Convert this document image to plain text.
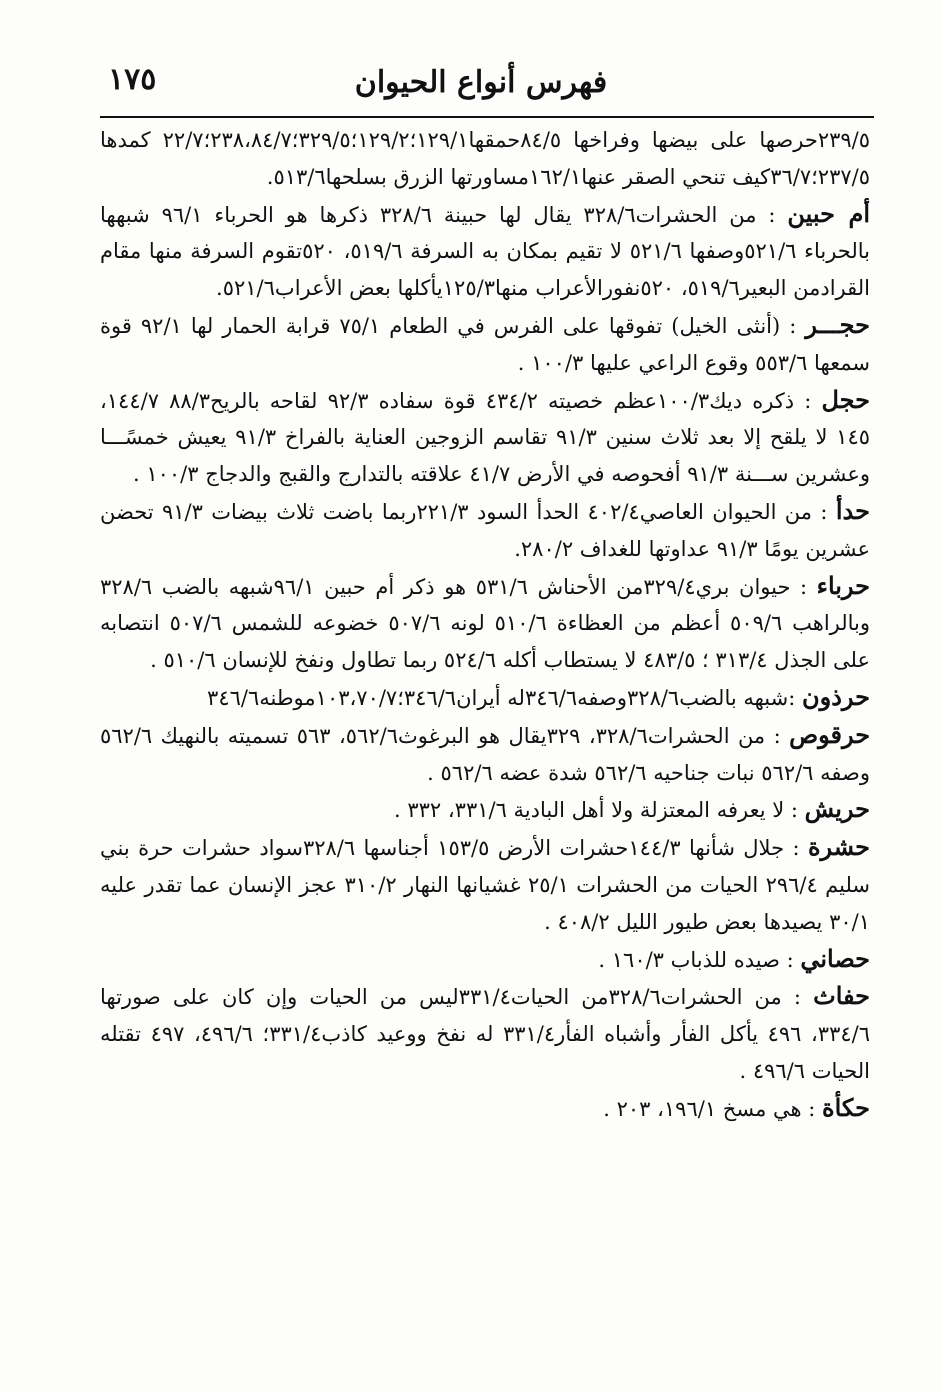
فهرس أنواع الحيوان
١٧٥

٢٣٩/٥حرصها على بيضها وفراخها ٨٤/٥حمقها١٢٩/١؛١٢٩/٢؛٣٢٩/٥؛٢٣٨،٨٤/٧؛٢٢/٧ كمدها ٢٣٧/٥؛٣٦/٧كيف تنحي الصقر عنها١٦٢/١مساورتها الزرق بسلحها٥١٣/٦.

أم حبين : من الحشرات٣٢٨/٦ يقال لها حبينة ٣٢٨/٦ ذكرها هو الحرباء ٩٦/١ شبهها بالحرباء ٥٢١/٦وصفها ٥٢١/٦ لا تقيم بمكان به السرفة ٥١٩/٦، ٥٢٠تقوم السرفة منها مقام القرادمن البعير٥١٩/٦، ٥٢٠نفورالأعراب منها١٢٥/٣يأكلها بعض الأعراب٥٢١/٦.

حجـــر : (أنثى الخيل) تفوقها على الفرس في الطعام ٧٥/١ قرابة الحمار لها ٩٢/١ قوة سمعها ٥٥٣/٦ وقوع الراعي عليها ١٠٠/٣ .

حجل : ذكره ديك١٠٠/٣عظم خصيته ٤٣٤/٢ قوة سفاده ٩٢/٣ لقاحه بالريح٨٨/٣ ١٤٤/٧، ١٤٥ لا يلقح إلا بعد ثلاث سنين ٩١/٣ تقاسم الزوجين العناية بالفراخ ٩١/٣ يعيش خمسًـــا وعشرين ســـنة ٩١/٣ أفحوصه في الأرض ٤١/٧ علاقته بالتدارج والقبج والدجاج ١٠٠/٣ .

حدأ : من الحيوان العاصي٤٠٢/٤ الحدأ السود ٢٢١/٣ربما باضت ثلاث بيضات ٩١/٣ تحضن عشرين يومًا ٩١/٣ عداوتها للغداف ٢٨٠/٢.

حرباء : حيوان بري٣٢٩/٤من الأحناش ٥٣١/٦ هو ذكر أم حبين ٩٦/١شبهه بالضب ٣٢٨/٦ وبالراهب ٥٠٩/٦ أعظم من العظاءة ٥١٠/٦ لونه ٥٠٧/٦ خضوعه للشمس ٥٠٧/٦ انتصابه على الجذل ٣١٣/٤ ؛ ٤٨٣/٥ لا يستطاب أكله ٥٢٤/٦ ربما تطاول ونفخ للإنسان ٥١٠/٦ .

حرذون :شبهه بالضب٣٢٨/٦وصفه٣٤٦/٦له أيران٣٤٦/٦؛١٠٣،٧٠/٧موطنه٣٤٦/٦

حرقوص : من الحشرات٣٢٨/٦، ٣٢٩يقال هو البرغوث٥٦٢/٦، ٥٦٣ تسميته بالنهيك ٥٦٢/٦ وصفه ٥٦٢/٦ نبات جناحيه ٥٦٢/٦ شدة عضه ٥٦٢/٦ .

حريش : لا يعرفه المعتزلة ولا أهل البادية ٣٣١/٦، ٣٣٢ .

حشرة : جلال شأنها ١٤٤/٣حشرات الأرض ١٥٣/٥ أجناسها ٣٢٨/٦سواد حشرات حرة بني سليم ٢٩٦/٤ الحيات من الحشرات ٢٥/١ غشيانها النهار ٣١٠/٢ عجز الإنسان عما تقدر عليه ٣٠/١ يصيدها بعض طيور الليل ٤٠٨/٢ .

حصاني : صيده للذباب ١٦٠/٣ .

حفاث : من الحشرات٣٢٨/٦من الحيات٣٣١/٤ليس من الحيات وإن كان على صورتها ٣٣٤/٦، ٤٩٦ يأكل الفأر وأشباه الفأر٣٣١/٤ له نفخ ووعيد كاذب٣٣١/٤؛ ٤٩٦/٦، ٤٩٧ تقتله الحيات ٤٩٦/٦ .

حكأة : هي مسخ ١٩٦/١، ٢٠٣ .
